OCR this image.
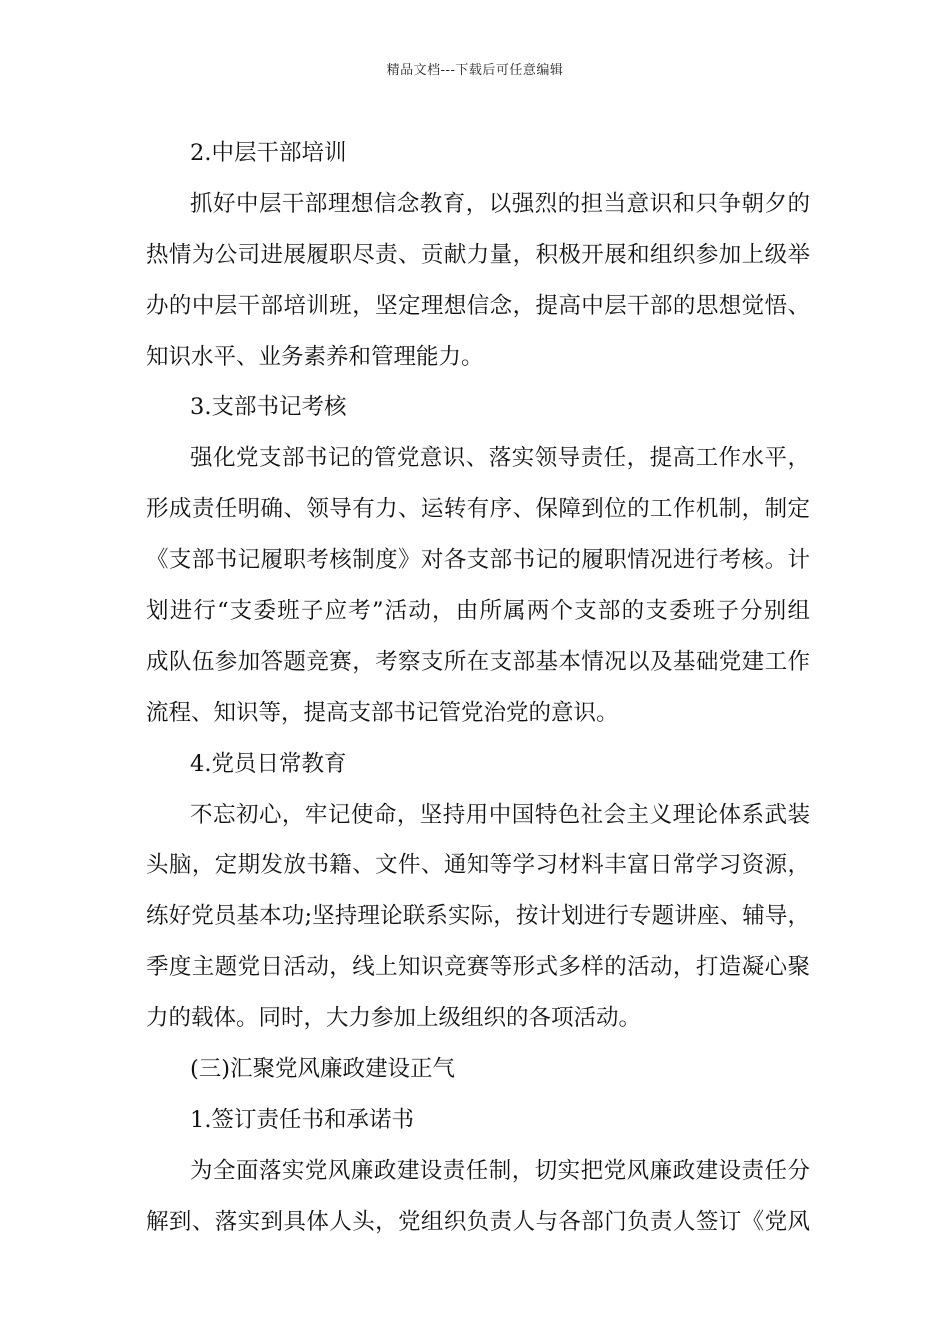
精品文档---下载后可任意编辑
2.中层干部培训
抓好中层干部理想信念教育，以强烈的担当意识和只争朝夕的
热情为公司进展履职尽责、贡献力量，积极开展和组织参加上级举
办的中层干部培训班，坚定理想信念，提高中层干部的思想觉悟、
知识水平、业务素养和管理能力。
3.支部书记考核
强化党支部书记的管党意识、落实领导责任，提高工作水平，
形成责任明确、领导有力、运转有序、保障到位的工作机制，制定
《支部书记履职考核制度》对各支部书记的履职情况进行考核。计
划进行“支委班子应考”活动，由所属两个支部的支委班子分别组
成队伍参加答题竞赛，考察支所在支部基本情况以及基础党建工作
流程、知识等，提高支部书记管党治党的意识。
4.党员日常教育
不忘初心，牢记使命，坚持用中国特色社会主义理论体系武装
头脑，定期发放书籍、文件、通知等学习材料丰富日常学习资源，
练好党员基本功;坚持理论联系实际，按计划进行专题讲座、辅导，
季度主题党日活动，线上知识竞赛等形式多样的活动，打造凝心聚
力的载体。同时，大力参加上级组织的各项活动。
(三)汇聚党风廉政建设正气
1.签订责任书和承诺书
为全面落实党风廉政建设责任制，切实把党风廉政建设责任分
解到、落实到具体人头，党组织负责人与各部门负责人签订《党风
